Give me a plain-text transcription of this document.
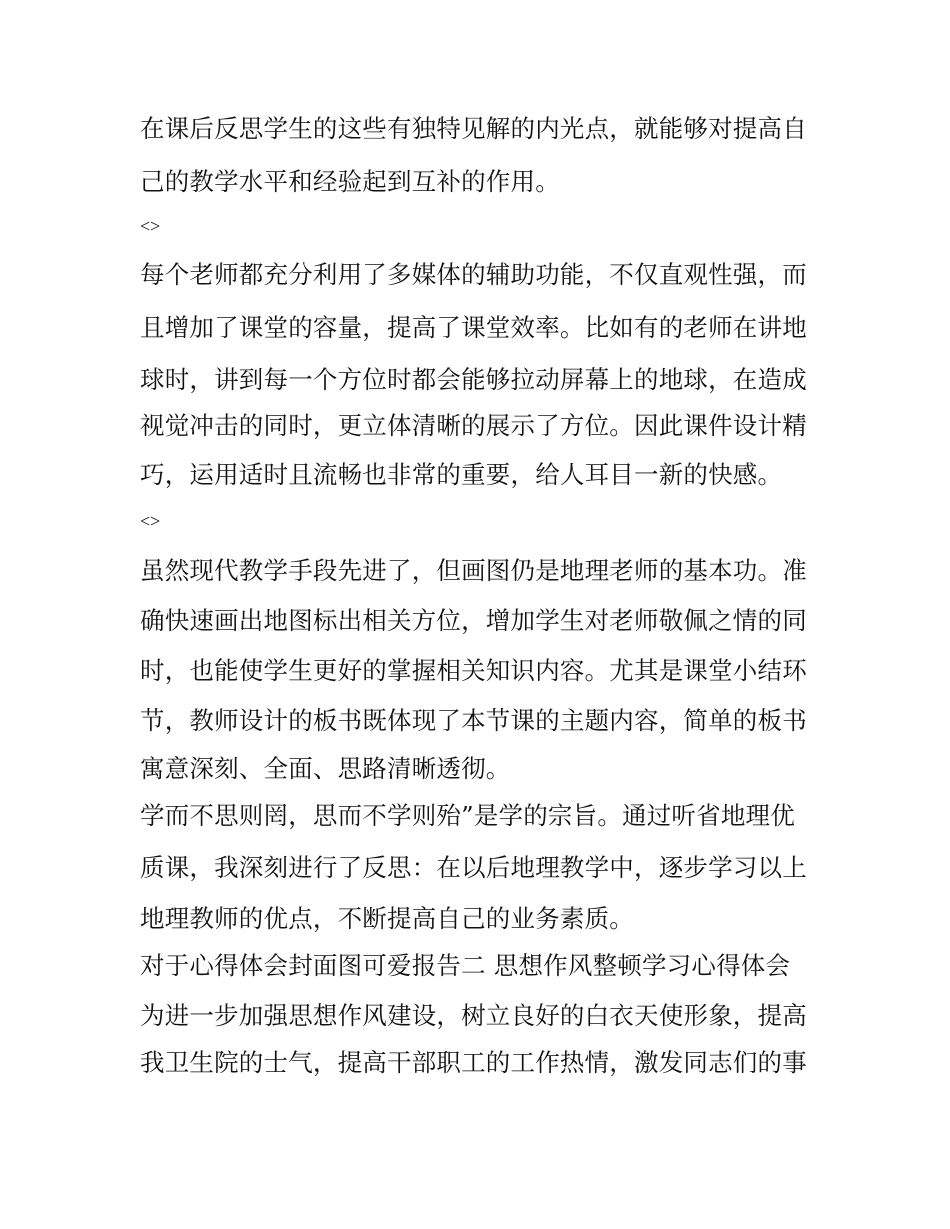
在课后反思学生的这些有独特见解的内光点，就能够对提高自

己的教学水平和经验起到互补的作用。

<>

每个老师都充分利用了多媒体的辅助功能，不仅直观性强，而

且增加了课堂的容量，提高了课堂效率。比如有的老师在讲地

球时，讲到每一个方位时都会能够拉动屏幕上的地球，在造成

视觉冲击的同时，更立体清晰的展示了方位。因此课件设计精

巧，运用适时且流畅也非常的重要，给人耳目一新的快感。

<>

虽然现代教学手段先进了，但画图仍是地理老师的基本功。准

确快速画出地图标出相关方位，增加学生对老师敬佩之情的同

时，也能使学生更好的掌握相关知识内容。尤其是课堂小结环

节，教师设计的板书既体现了本节课的主题内容，简单的板书

寓意深刻、全面、思路清晰透彻。

学而不思则罔，思而不学则殆”是学的宗旨。通过听省地理优

质课，我深刻进行了反思：在以后地理教学中，逐步学习以上

地理教师的优点，不断提高自己的业务素质。

对于心得体会封面图可爱报告二 思想作风整顿学习心得体会

为进一步加强思想作风建设，树立良好的白衣天使形象，提高

我卫生院的士气，提高干部职工的工作热情，激发同志们的事
